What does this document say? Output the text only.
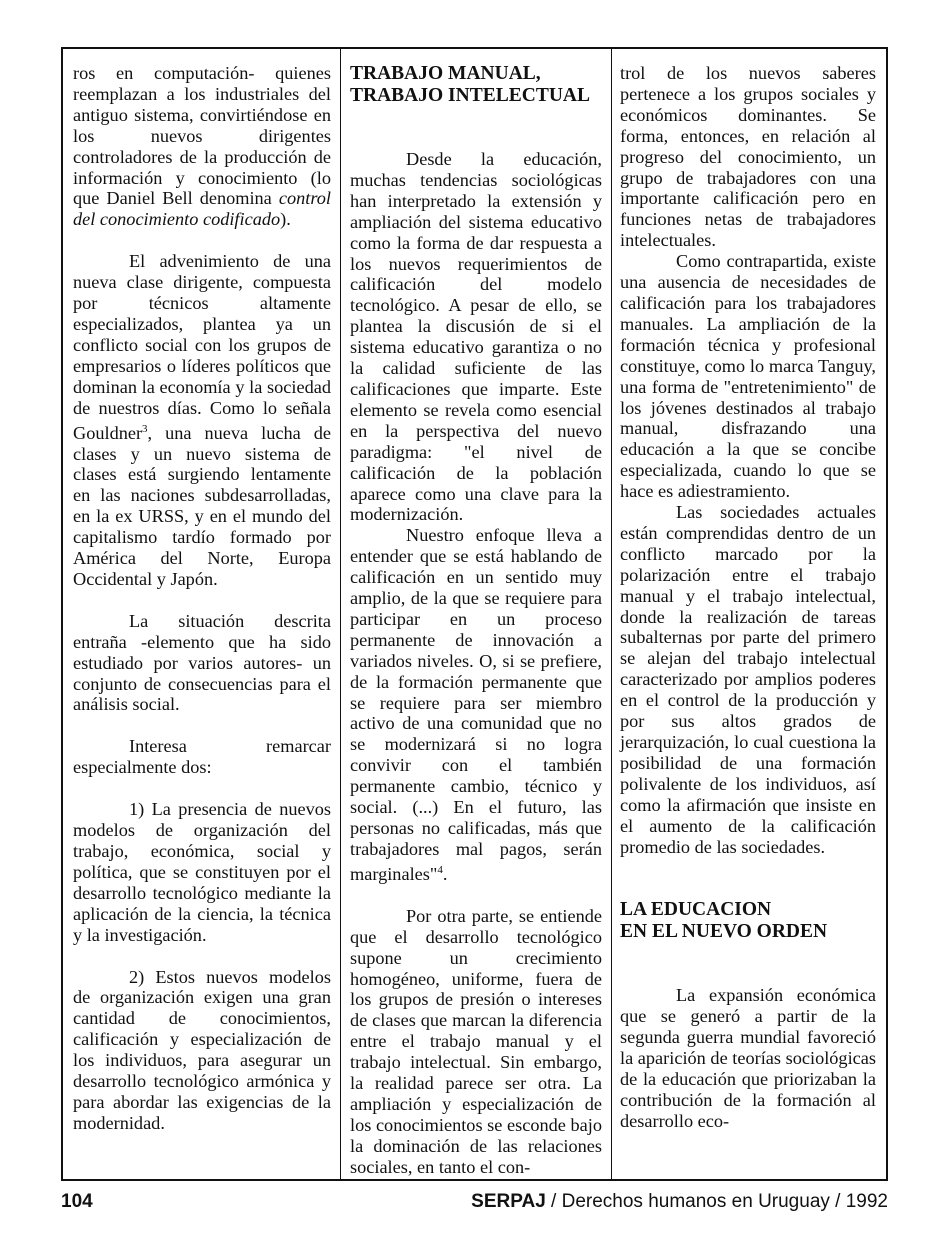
ros en computación- quienes reemplazan a los industriales del antiguo sistema, convirtiéndose en los nuevos dirigentes controladores de la producción de información y conocimiento (lo que Daniel Bell denomina control del conocimiento codificado).

El advenimiento de una nueva clase dirigente, compuesta por técnicos altamente especializados, plantea ya un conflicto social con los grupos de empresarios o líderes políticos que dominan la economía y la sociedad de nuestros días. Como lo señala Gouldner$^3$, una nueva lucha de clases y un nuevo sistema de clases está surgiendo lentamente en las naciones subdesarrolladas, en la ex URSS, y en el mundo del capitalismo tardío formado por América del Norte, Europa Occidental y Japón.

La situación descrita entraña -elemento que ha sido estudiado por varios autores- un conjunto de consecuencias para el análisis social.

Interesa remarcar especialmente dos:

1) La presencia de nuevos modelos de organización del trabajo, económica, social y política, que se constituyen por el desarrollo tecnológico mediante la aplicación de la ciencia, la técnica y la investigación.

2) Estos nuevos modelos de organización exigen una gran cantidad de conocimientos, calificación y especialización de los individuos, para asegurar un desarrollo tecnológico armónica y para abordar las exigencias de la modernidad.

TRABAJO MANUAL,
TRABAJO INTELECTUAL

Desde la educación, muchas tendencias sociológicas han interpretado la extensión y ampliación del sistema educativo como la forma de dar respuesta a los nuevos requerimientos de calificación del modelo tecnológico. A pesar de ello, se plantea la discusión de si el sistema educativo garantiza o no la calidad suficiente de las calificaciones que imparte. Este elemento se revela como esencial en la perspectiva del nuevo paradigma: "el nivel de calificación de la población aparece como una clave para la modernización.

Nuestro enfoque lleva a entender que se está hablando de calificación en un sentido muy amplio, de la que se requiere para participar en un proceso permanente de innovación a variados niveles. O, si se prefiere, de la formación permanente que se requiere para ser miembro activo de una comunidad que no se modernizará si no logra convivir con el también permanente cambio, técnico y social. (...) En el futuro, las personas no calificadas, más que trabajadores mal pagos, serán marginales"$^4$.

Por otra parte, se entiende que el desarrollo tecnológico supone un crecimiento homogéneo, uniforme, fuera de los grupos de presión o intereses de clases que marcan la diferencia entre el trabajo manual y el trabajo intelectual. Sin embargo, la realidad parece ser otra. La ampliación y especialización de los conocimientos se esconde bajo la dominación de las relaciones sociales, en tanto el con-

trol de los nuevos saberes pertenece a los grupos sociales y económicos dominantes. Se forma, entonces, en relación al progreso del conocimiento, un grupo de trabajadores con una importante calificación pero en funciones netas de trabajadores intelectuales.

Como contrapartida, existe una ausencia de necesidades de calificación para los trabajadores manuales. La ampliación de la formación técnica y profesional constituye, como lo marca Tanguy, una forma de "entretenimiento" de los jóvenes destinados al trabajo manual, disfrazando una educación a la que se concibe especializada, cuando lo que se hace es adiestramiento.

Las sociedades actuales están comprendidas dentro de un conflicto marcado por la polarización entre el trabajo manual y el trabajo intelectual, donde la realización de tareas subalternas por parte del primero se alejan del trabajo intelectual caracterizado por amplios poderes en el control de la producción y por sus altos grados de jerarquización, lo cual cuestiona la posibilidad de una formación polivalente de los individuos, así como la afirmación que insiste en el aumento de la calificación promedio de las sociedades.

LA EDUCACION
EN EL NUEVO ORDEN

La expansión económica que se generó a partir de la segunda guerra mundial favoreció la aparición de teorías sociológicas de la educación que priorizaban la contribución de la formación al desarrollo eco-

104	SERPAJ / Derechos humanos en Uruguay / 1992
